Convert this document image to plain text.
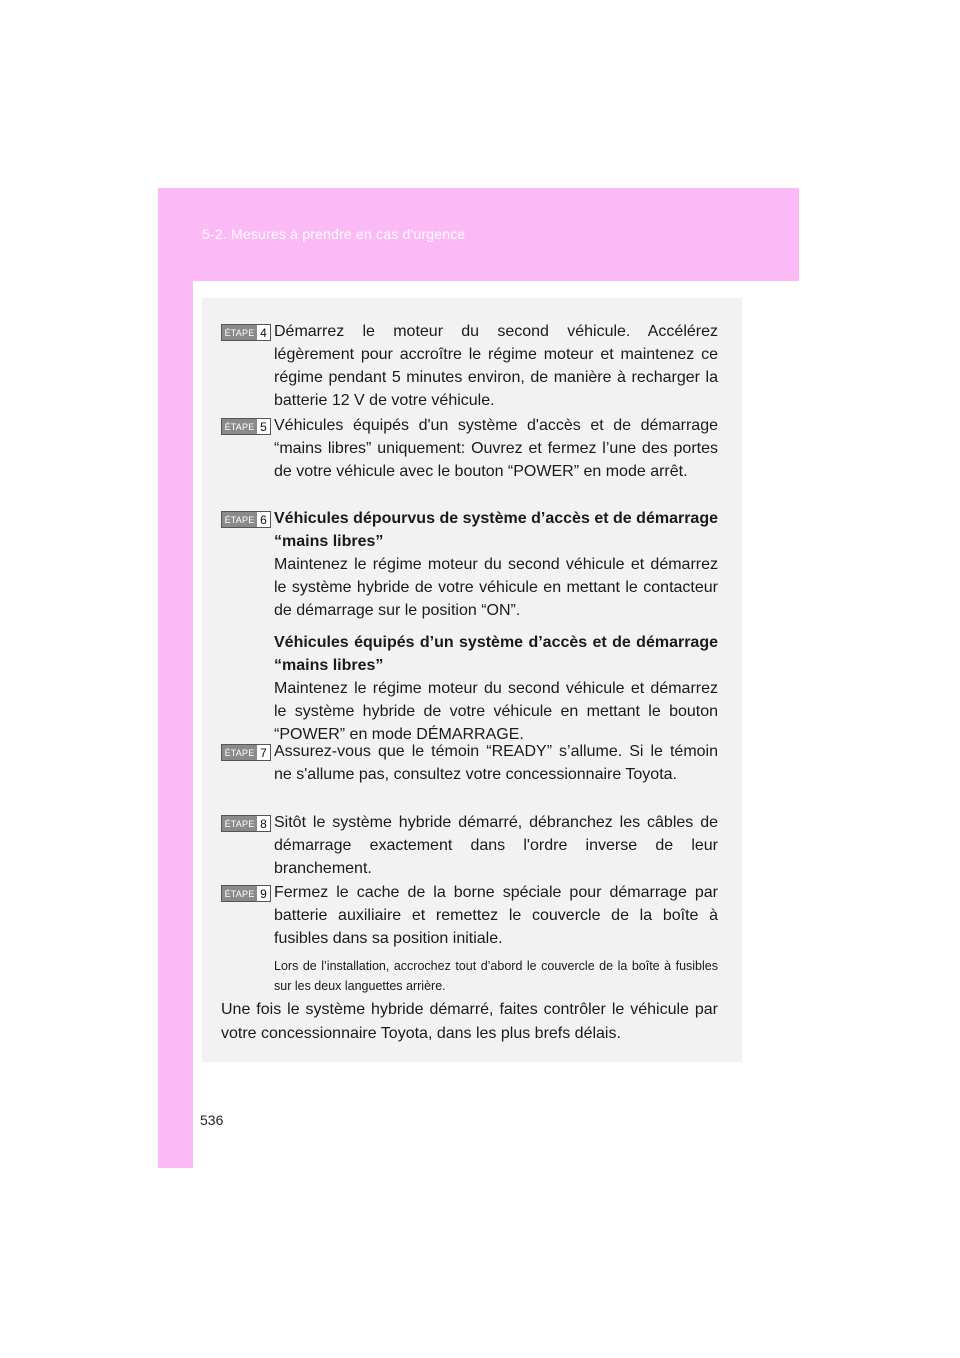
5-2. Mesures à prendre en cas d'urgence
ÉTAPE 4 Démarrez le moteur du second véhicule. Accélérez légèrement pour accroître le régime moteur et maintenez ce régime pendant 5 minutes environ, de manière à recharger la batterie 12 V de votre véhicule.
ÉTAPE 5 Véhicules équipés d'un système d'accès et de démarrage “mains libres” uniquement: Ouvrez et fermez l’une des portes de votre véhicule avec le bouton “POWER” en mode arrêt.
ÉTAPE 6 Véhicules dépourvus de système d’accès et de démarrage “mains libres”
Maintenez le régime moteur du second véhicule et démarrez le système hybride de votre véhicule en mettant le contacteur de démarrage sur le position “ON”.
Véhicules équipés d’un système d’accès et de démarrage “mains libres”
Maintenez le régime moteur du second véhicule et démarrez le système hybride de votre véhicule en mettant le bouton “POWER” en mode DÉMARRAGE.
ÉTAPE 7 Assurez-vous que le témoin “READY” s’allume. Si le témoin ne s'allume pas, consultez votre concessionnaire Toyota.
ÉTAPE 8 Sitôt le système hybride démarré, débranchez les câbles de démarrage exactement dans l'ordre inverse de leur branchement.
ÉTAPE 9 Fermez le cache de la borne spéciale pour démarrage par batterie auxiliaire et remettez le couvercle de la boîte à fusibles dans sa position initiale.
Lors de l’installation, accrochez tout d’abord le couvercle de la boîte à fusibles sur les deux languettes arrière.
Une fois le système hybride démarré, faites contrôler le véhicule par votre concessionnaire Toyota, dans les plus brefs délais.
536
